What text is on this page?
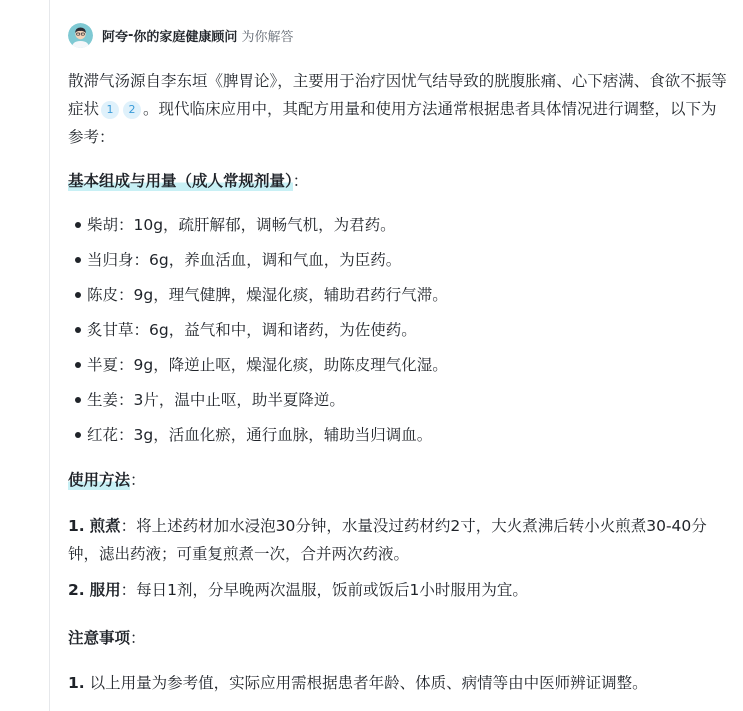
阿夸 - 你的家庭健康顾问 为你解答
散滞气汤源自李东垣《脾胃论》，主要用于治疗因忧气结导致的胱腹胀痛、心下痞满、食欲不振等症状 1 2 。现代临床应用中，其配方用量和使用方法通常根据患者具体情况进行调整，以下为参考：
基本组成与用量（成人常规剂量）：
柴胡：10g，疏肝解郁，调畅气机，为君药。
当归身：6g，养血活血，调和气血，为臣药。
陈皮：9g，理气健脾，燥湿化痰，辅助君药行气滞。
炙甘草：6g，益气和中，调和诸药，为佐使药。
半夏：9g，降逆止呕，燥湿化痰，助陈皮理气化湿。
生姜：3片，温中止呕，助半夏降逆。
红花：3g，活血化瘀，通行血脉，辅助当归调血。
使用方法：
1. 煎煮：将上述药材加水浸泡30分钟，水量没过药材约2寸，大火煮沸后转小火煎煮30-40分钟，滤出药液；可重复煎煮一次，合并两次药液。
2. 服用：每日1剂，分早晚两次温服，饭前或饭后1小时服用为宜。
注意事项：
1. 以上用量为参考值，实际应用需根据患者年龄、体质、病情等由中医师辨证调整。
